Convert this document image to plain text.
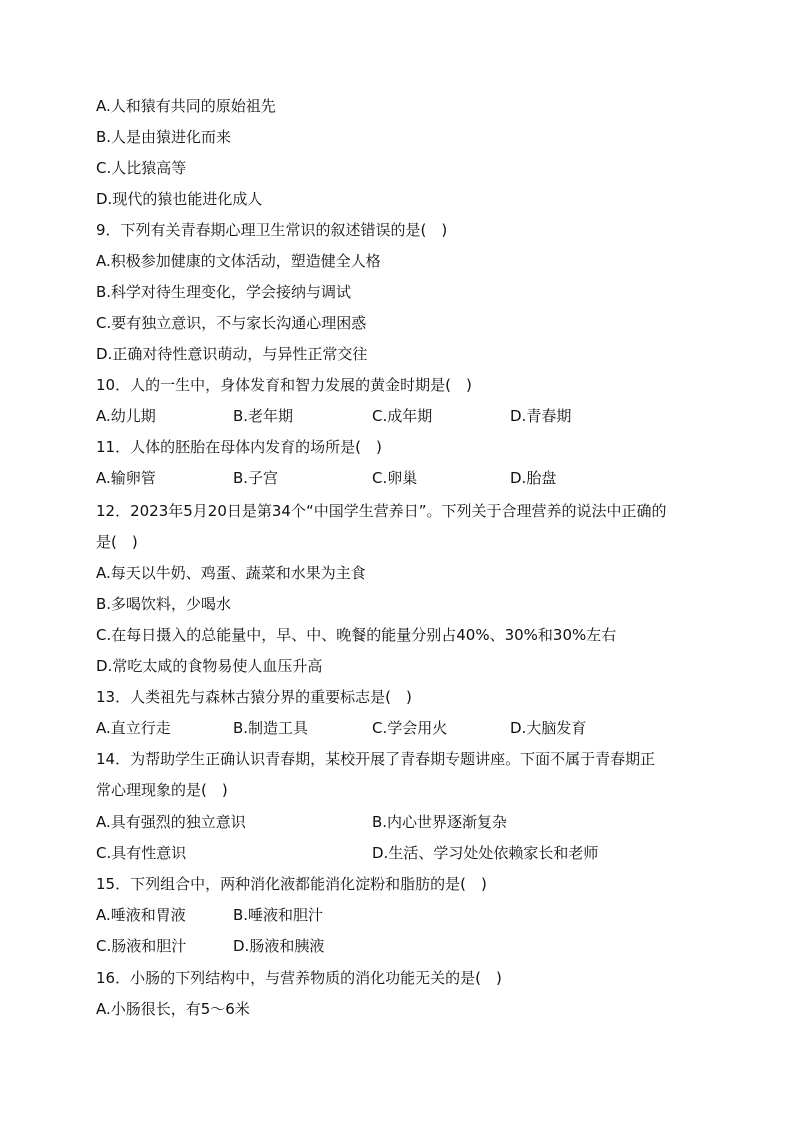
A.人和猿有共同的原始祖先
B.人是由猿进化而来
C.人比猿高等
D.现代的猿也能进化成人
9．下列有关青春期心理卫生常识的叙述错误的是(　)
A.积极参加健康的文体活动，塑造健全人格
B.科学对待生理变化，学会接纳与调试
C.要有独立意识，不与家长沟通心理困惑
D.正确对待性意识萌动，与异性正常交往
10．人的一生中，身体发育和智力发展的黄金时期是(　)
A.幼儿期	B.老年期	C.成年期	D.青春期
11．人体的胚胎在母体内发育的场所是(　)
A.输卵管	B.子宫	C.卵巢	D.胎盘
12．2023年5月20日是第34个“中国学生营养日”。下列关于合理营养的说法中正确的
是(　)
A.每天以牛奶、鸡蛋、蔬菜和水果为主食
B.多喝饮料，少喝水
C.在每日摄入的总能量中，早、中、晚餐的能量分别占40%、30%和30%左右
D.常吃太咸的食物易使人血压升高
13．人类祖先与森林古猿分界的重要标志是(　)
A.直立行走	B.制造工具	C.学会用火	D.大脑发育
14．为帮助学生正确认识青春期，某校开展了青春期专题讲座。下面不属于青春期正
常心理现象的是(　)
A.具有强烈的独立意识	B.内心世界逐渐复杂
C.具有性意识	D.生活、学习处处依赖家长和老师
15．下列组合中，两种消化液都能消化淀粉和脂肪的是(　)
A.唾液和胃液	B.唾液和胆汁
C.肠液和胆汁	D.肠液和胰液
16．小肠的下列结构中，与营养物质的消化功能无关的是(　)
A.小肠很长，有5～6米
